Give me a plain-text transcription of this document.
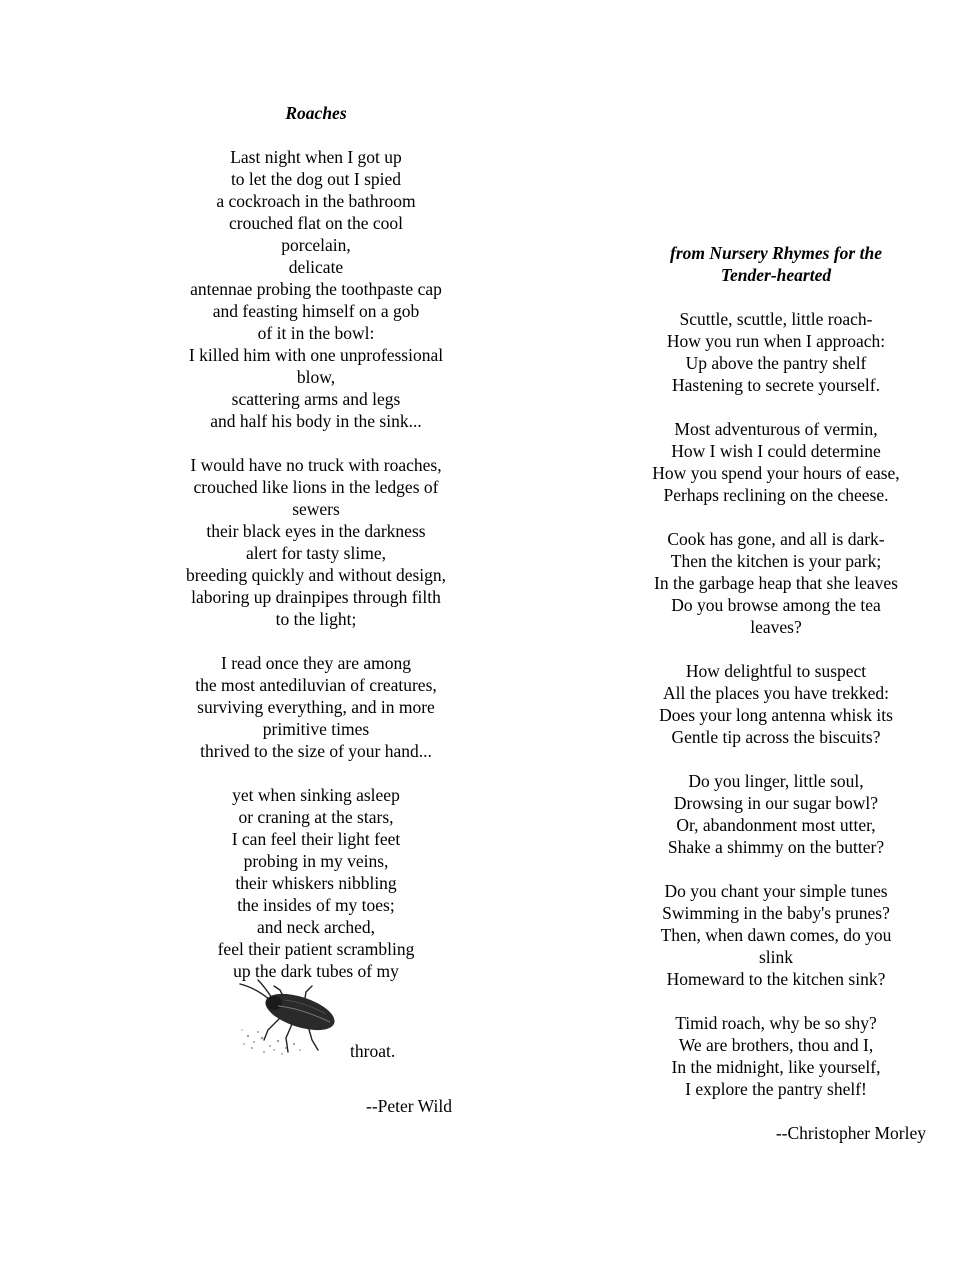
Roaches
Last night when I got up
to let the dog out I spied
a cockroach in the bathroom
crouched flat on the cool
porcelain,
delicate
antennae probing the toothpaste cap
and feasting himself on a gob
of it in the bowl:
I killed him with one unprofessional
blow,
scattering arms and legs
and half his body in the sink...
I would have no truck with roaches,
crouched like lions in the ledges of
sewers
their black eyes in the darkness
alert for tasty slime,
breeding quickly and without design,
laboring up drainpipes through filth
to the light;
I read once they are among
the most antediluvian of creatures,
surviving everything, and in more
primitive times
thrived to the size of your hand...
yet when sinking asleep
or craning at the stars,
I can feel their light feet
probing in my veins,
their whiskers nibbling
the insides of my toes;
and neck arched,
feel their patient scrambling
up the dark tubes of my
throat.
--Peter Wild
from Nursery Rhymes for the
Tender-hearted
Scuttle, scuttle, little roach-
How you run when I approach:
Up above the pantry shelf
Hastening to secrete yourself.
Most adventurous of vermin,
How I wish I could determine
How you spend your hours of ease,
Perhaps reclining on the cheese.
Cook has gone, and all is dark-
Then the kitchen is your park;
In the garbage heap that she leaves
Do you browse among the tea
leaves?
How delightful to suspect
All the places you have trekked:
Does your long antenna whisk its
Gentle tip across the biscuits?
Do you linger, little soul,
Drowsing in our sugar bowl?
Or, abandonment most utter,
Shake a shimmy on the butter?
Do you chant your simple tunes
Swimming in the baby's prunes?
Then, when dawn comes, do you
slink
Homeward to the kitchen sink?
Timid roach, why be so shy?
We are brothers, thou and I,
In the midnight, like yourself,
I explore the pantry shelf!
--Christopher Morley
